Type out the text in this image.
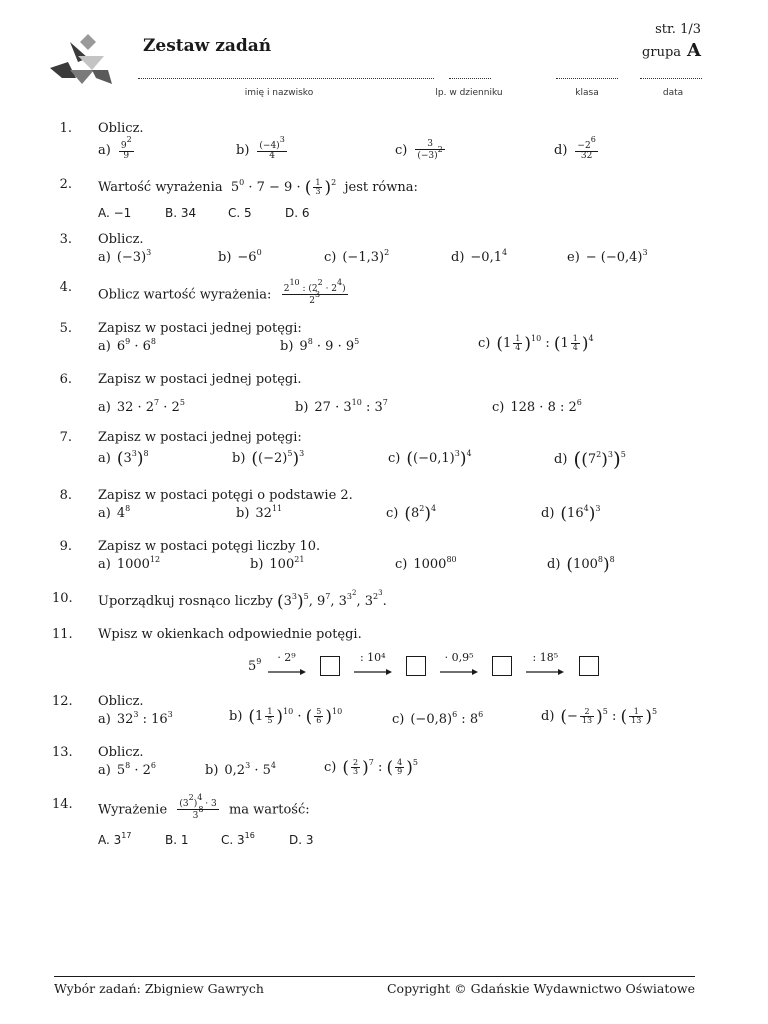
Zestaw zadań
str. 1/3
grupa A
imię i nazwisko	lp. w dzienniku	klasa	data
1. Oblicz.
$a) \frac{9^2}{9}$	$b) \frac{(-4)^3}{4}$	$c) \frac{3}{(-3)^2}$	$d) \frac{-2^6}{32}$
2. Wartość wyrażenia  $5^0 \cdot 7 - 9$ · ( $\frac{1}{3} )^2$ jest równa:
A. −1	B. 34	C. 5	D. 6
3. Oblicz.
a) $(-3)^3$	$b) -6^0$	c) $(-1,3)^2$	$d) -0,1^4$	$e) - (-0,4)^3$
4. Oblicz wartość wyrażenia: $\frac{2^{10} : (2^2 \cdot 2^4)}{2^3}$
5. Zapisz w postaci jednej potęgi:
a) $6^9 \cdot 6^8$	b) $9^8 \cdot 9 \cdot 9^5$	c) $(1 \frac{1}{4} )^{10}$ : $(1 \frac{1}{4} )^4$
6. Zapisz w postaci jednej potęgi.
a) $32 \cdot 2^7 \cdot 2^5$	b) $27 \cdot 3^{10}$ : $3^7$	c) 128 · 8 : $2^6$
7. Zapisz w postaci jednej potęgi:
a) $(3^3)^8$	b) $((-2)^5)^3$	c) $((-0,1)^3)^4$	d) $((7^2)^3)^5$
8. Zapisz w postaci potęgi o podstawie 2.
a) $4^8$	b) $32^{11}$	c) $(8^2)^4$	d) $(16^4)^3$
9. Zapisz w postaci potęgi liczby 10.
a) 1000$^{12}$	b) $100^{21}$	c) 1000$^{80}$	d) $(100^8)^8$
10. Uporządkuj rosnąco liczby $(3^3)^5$, $9^7$, $3^{3^2}$, $3^{2^3}$.
11. Wpisz w okienkach odpowiednie potęgi.
$5^9$	· 2⁹
	: 10⁴
	· 0,9⁵
	: 18⁵

12. Oblicz.
a) $32^3$ : $16^3$	b) $(1 \frac{1}{5} )^{10}$ · ( $\frac{5}{6} )^{10}$
c) $(-0,8)^6$ : $8^6$	d) (− $\frac{2}{13} )^5$ : ( $\frac{1}{13} )^5$
13. Oblicz.
a) $5^8 \cdot 2^6$	b) $0,2^3 \cdot 5^4$	c) ( $\frac{2}{3} )^7$ : ( $\frac{4}{9} )^5$
14. Wyrażenie $\frac{(3^2)^4 \cdot 3}{3^8}$ ma wartość:
A. $3^{17}$	B. 1	C. $3^{16}$	D. 3
Wybór zadań: Zbigniew Gawrych	Copyright © Gdańskie Wydawnictwo Oświatowe
